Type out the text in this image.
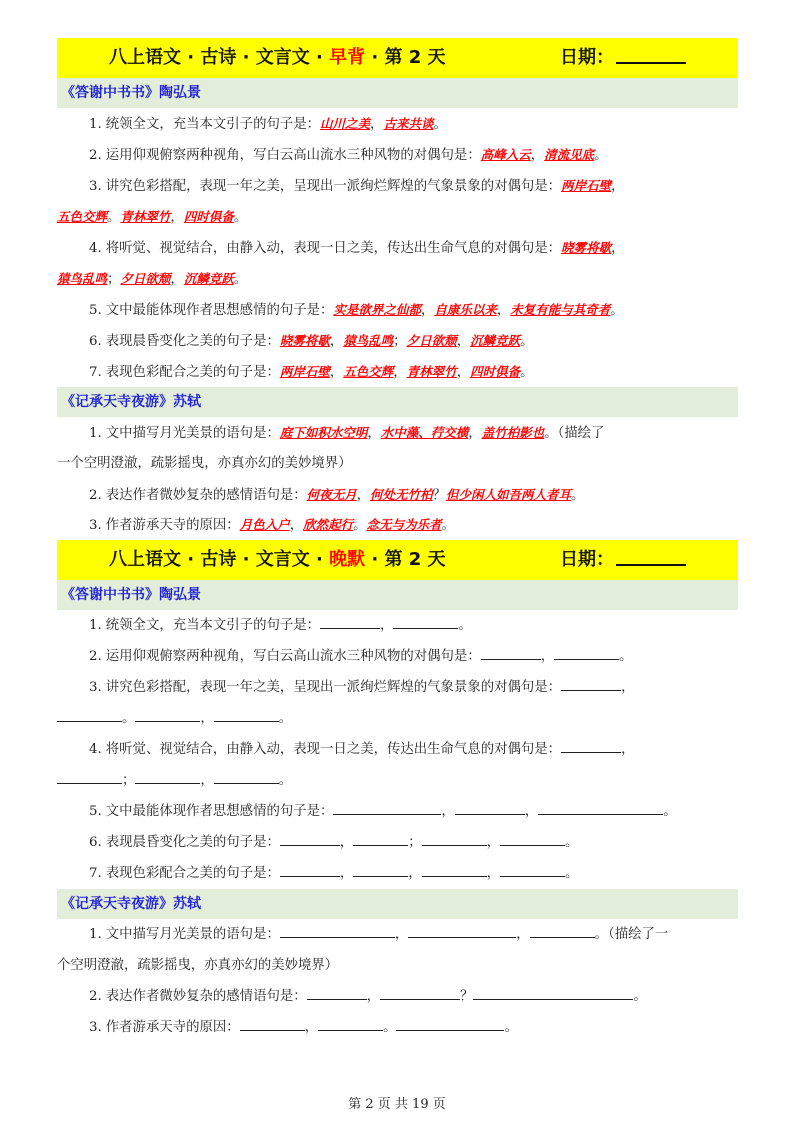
八上语文 · 古诗 · 文言文 · 早背 · 第 2 天	日期：
《答谢中书书》陶弘景
1. 统领全文，充当本文引子的句子是：山川之美，古来共谈。
2. 运用仰观俯察两种视角，写白云高山流水三种风物的对偶句是：高峰入云，清流见底。
3. 讲究色彩搭配，表现一年之美，呈现出一派绚烂辉煌的气象景象的对偶句是：两岸石壁，
五色交辉。青林翠竹，四时俱备。
4. 将听觉、视觉结合，由静入动，表现一日之美，传达出生命气息的对偶句是：晓雾将歇，
猿鸟乱鸣；夕日欲颓，沉鳞竞跃。
5. 文中最能体现作者思想感情的句子是：实是欲界之仙都，自康乐以来，未复有能与其奇者。
6. 表现晨昏变化之美的句子是：晓雾将歇，猿鸟乱鸣；夕日欲颓，沉鳞竞跃。
7. 表现色彩配合之美的句子是：两岸石壁，五色交辉，青林翠竹，四时俱备。
《记承天寺夜游》苏轼
1. 文中描写月光美景的语句是：庭下如积水空明，水中藻、荇交横，盖竹柏影也。（描绘了
一个空明澄澈，疏影摇曳，亦真亦幻的美妙境界）
2. 表达作者微妙复杂的感情语句是：何夜无月，何处无竹柏？但少闲人如吾两人者耳。
3. 作者游承天寺的原因：月色入户，欣然起行。念无与为乐者。
八上语文 · 古诗 · 文言文 · 晚默 · 第 2 天	日期：
《答谢中书书》陶弘景
1. 统领全文，充当本文引子的句子是：	，	。
2. 运用仰观俯察两种视角，写白云高山流水三种风物的对偶句是：	，	。
3. 讲究色彩搭配，表现一年之美，呈现出一派绚烂辉煌的气象景象的对偶句是：	，
。	，	。
4. 将听觉、视觉结合，由静入动，表现一日之美，传达出生命气息的对偶句是：	，
；	，	。
5. 文中最能体现作者思想感情的句子是：	，	，	。
6. 表现晨昏变化之美的句子是：	，	；	，	。
7. 表现色彩配合之美的句子是：	，	，	，	。
《记承天寺夜游》苏轼
1. 文中描写月光美景的语句是：	，	，	。（描绘了一
个空明澄澈，疏影摇曳，亦真亦幻的美妙境界）
2. 表达作者微妙复杂的感情语句是：	，	？	。
3. 作者游承天寺的原因：	，	。	。
第 2 页 共 19 页
